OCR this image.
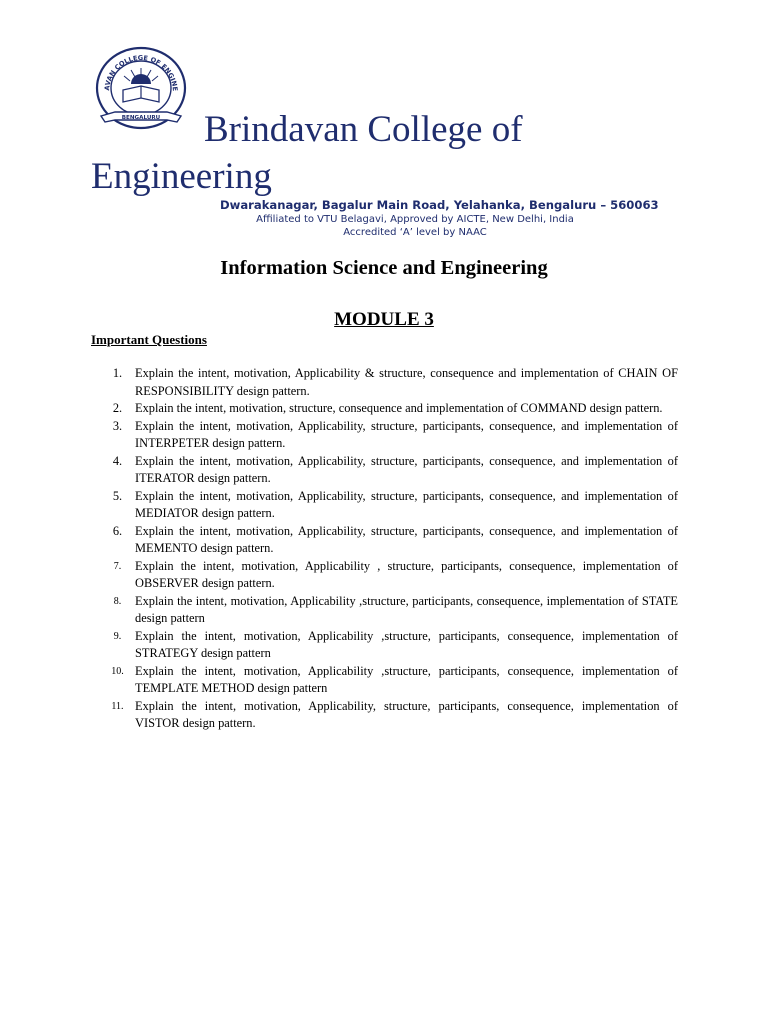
AVAN COLLEGE OF ENGINE
BENGALURU Brindavan College of
Engineering
Dwarakanagar, Bagalur Main Road, Yelahanka, Bengaluru – 560063
Affiliated to VTU Belagavi, Approved by AICTE, New Delhi, India
Accredited ‘A’ level by NAAC
Information Science and Engineering
MODULE 3
Important Questions
1.	Explain the intent, motivation, Applicability & structure, consequence and implementation of CHAIN OF RESPONSIBILITY design pattern.
2.	Explain the intent, motivation, structure, consequence and implementation of COMMAND design pattern.
3.	Explain the intent, motivation, Applicability, structure, participants, consequence, and implementation of INTERPETER design pattern.
4.	Explain the intent, motivation, Applicability, structure, participants, consequence, and implementation of ITERATOR design pattern.
5.	Explain the intent, motivation, Applicability, structure, participants, consequence, and implementation of MEDIATOR design pattern.
6.	Explain the intent, motivation, Applicability, structure, participants, consequence, and implementation of MEMENTO design pattern.
7.	Explain the intent, motivation, Applicability , structure, participants, consequence, implementation of OBSERVER design pattern.
8.	Explain the intent, motivation, Applicability ,structure, participants, consequence, implementation of STATE design pattern
9.	Explain the intent, motivation, Applicability ,structure, participants, consequence, implementation of STRATEGY design pattern
10. Explain the intent, motivation, Applicability ,structure, participants, consequence, implementation of TEMPLATE METHOD design pattern
11. Explain the intent, motivation, Applicability, structure, participants, consequence, implementation of VISTOR design pattern.
